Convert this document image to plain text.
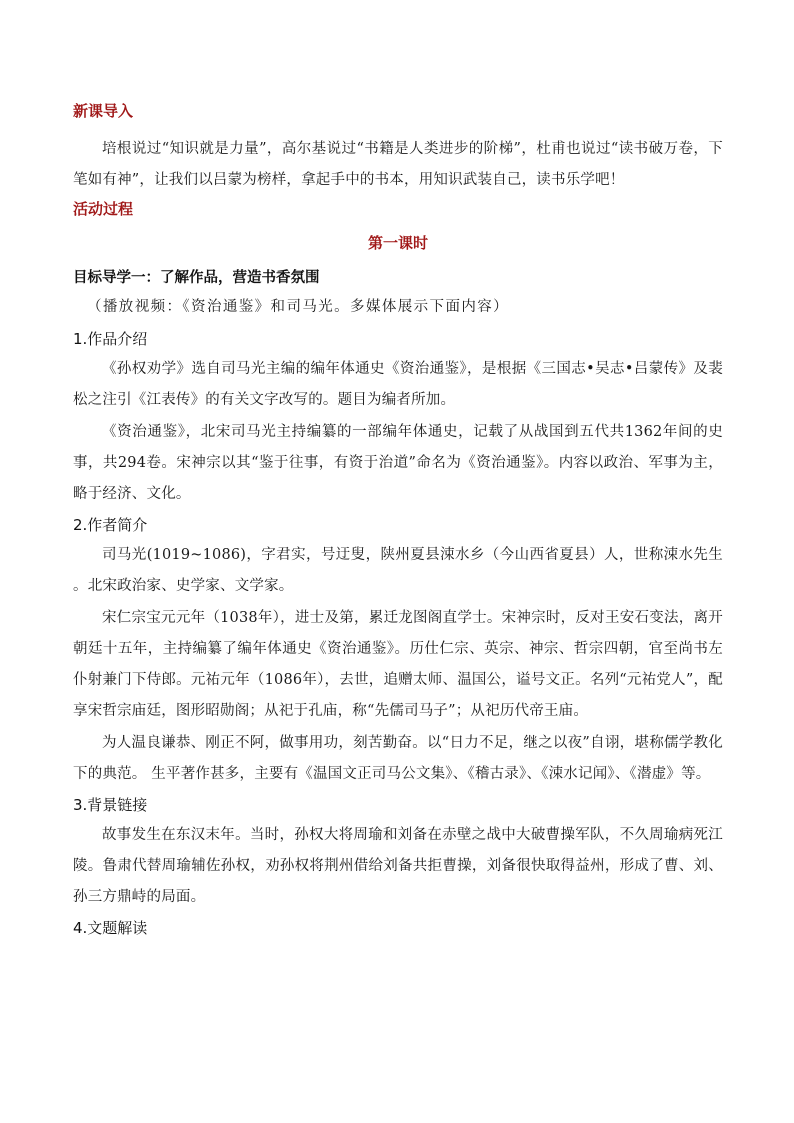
新课导入

培根说过“知识就是力量”，高尔基说过“书籍是人类进步的阶梯”，杜甫也说过“读书破万卷，下笔如有神”，让我们以吕蒙为榜样，拿起手中的书本，用知识武装自己，读书乐学吧！

活动过程

第一课时

目标导学一：了解作品，营造书香氛围

（播放视频：《资治通鉴》和司马光。多媒体展示下面内容）

1.作品介绍

《孙权劝学》选自司马光主编的编年体通史《资治通鉴》，是根据《三国志•吴志•吕蒙传》及裴松之注引《江表传》的有关文字改写的。题目为编者所加。

《资治通鉴》，北宋司马光主持编纂的一部编年体通史，记载了从战国到五代共1362年间的史事，共294卷。宋神宗以其“鉴于往事，有资于治道”命名为《资治通鉴》。内容以政治、军事为主，略于经济、文化。

2.作者简介

司马光(1019~1086)，字君实，号迂叟，陕州夏县涑水乡（今山西省夏县）人，世称涑水先生 。北宋政治家、史学家、文学家。

宋仁宗宝元元年（1038年），进士及第，累迁龙图阁直学士。宋神宗时，反对王安石变法，离开朝廷十五年，主持编纂了编年体通史《资治通鉴》。历仕仁宗、英宗、神宗、哲宗四朝，官至尚书左仆射兼门下侍郎。元祐元年（1086年），去世，追赠太师、温国公，谥号文正。名列“元祐党人”，配享宋哲宗庙廷，图形昭勋阁；从祀于孔庙，称“先儒司马子”；从祀历代帝王庙。

为人温良谦恭、刚正不阿，做事用功，刻苦勤奋。以“日力不足，继之以夜”自诩，堪称儒学教化下的典范。 生平著作甚多，主要有《温国文正司马公文集》、《稽古录》、《涑水记闻》、《潜虚》等。

3.背景链接

故事发生在东汉末年。当时，孙权大将周瑜和刘备在赤壁之战中大破曹操军队，不久周瑜病死江陵。鲁肃代替周瑜辅佐孙权，劝孙权将荆州借给刘备共拒曹操，刘备很快取得益州，形成了曹、刘、孙三方鼎峙的局面。

4.文题解读
